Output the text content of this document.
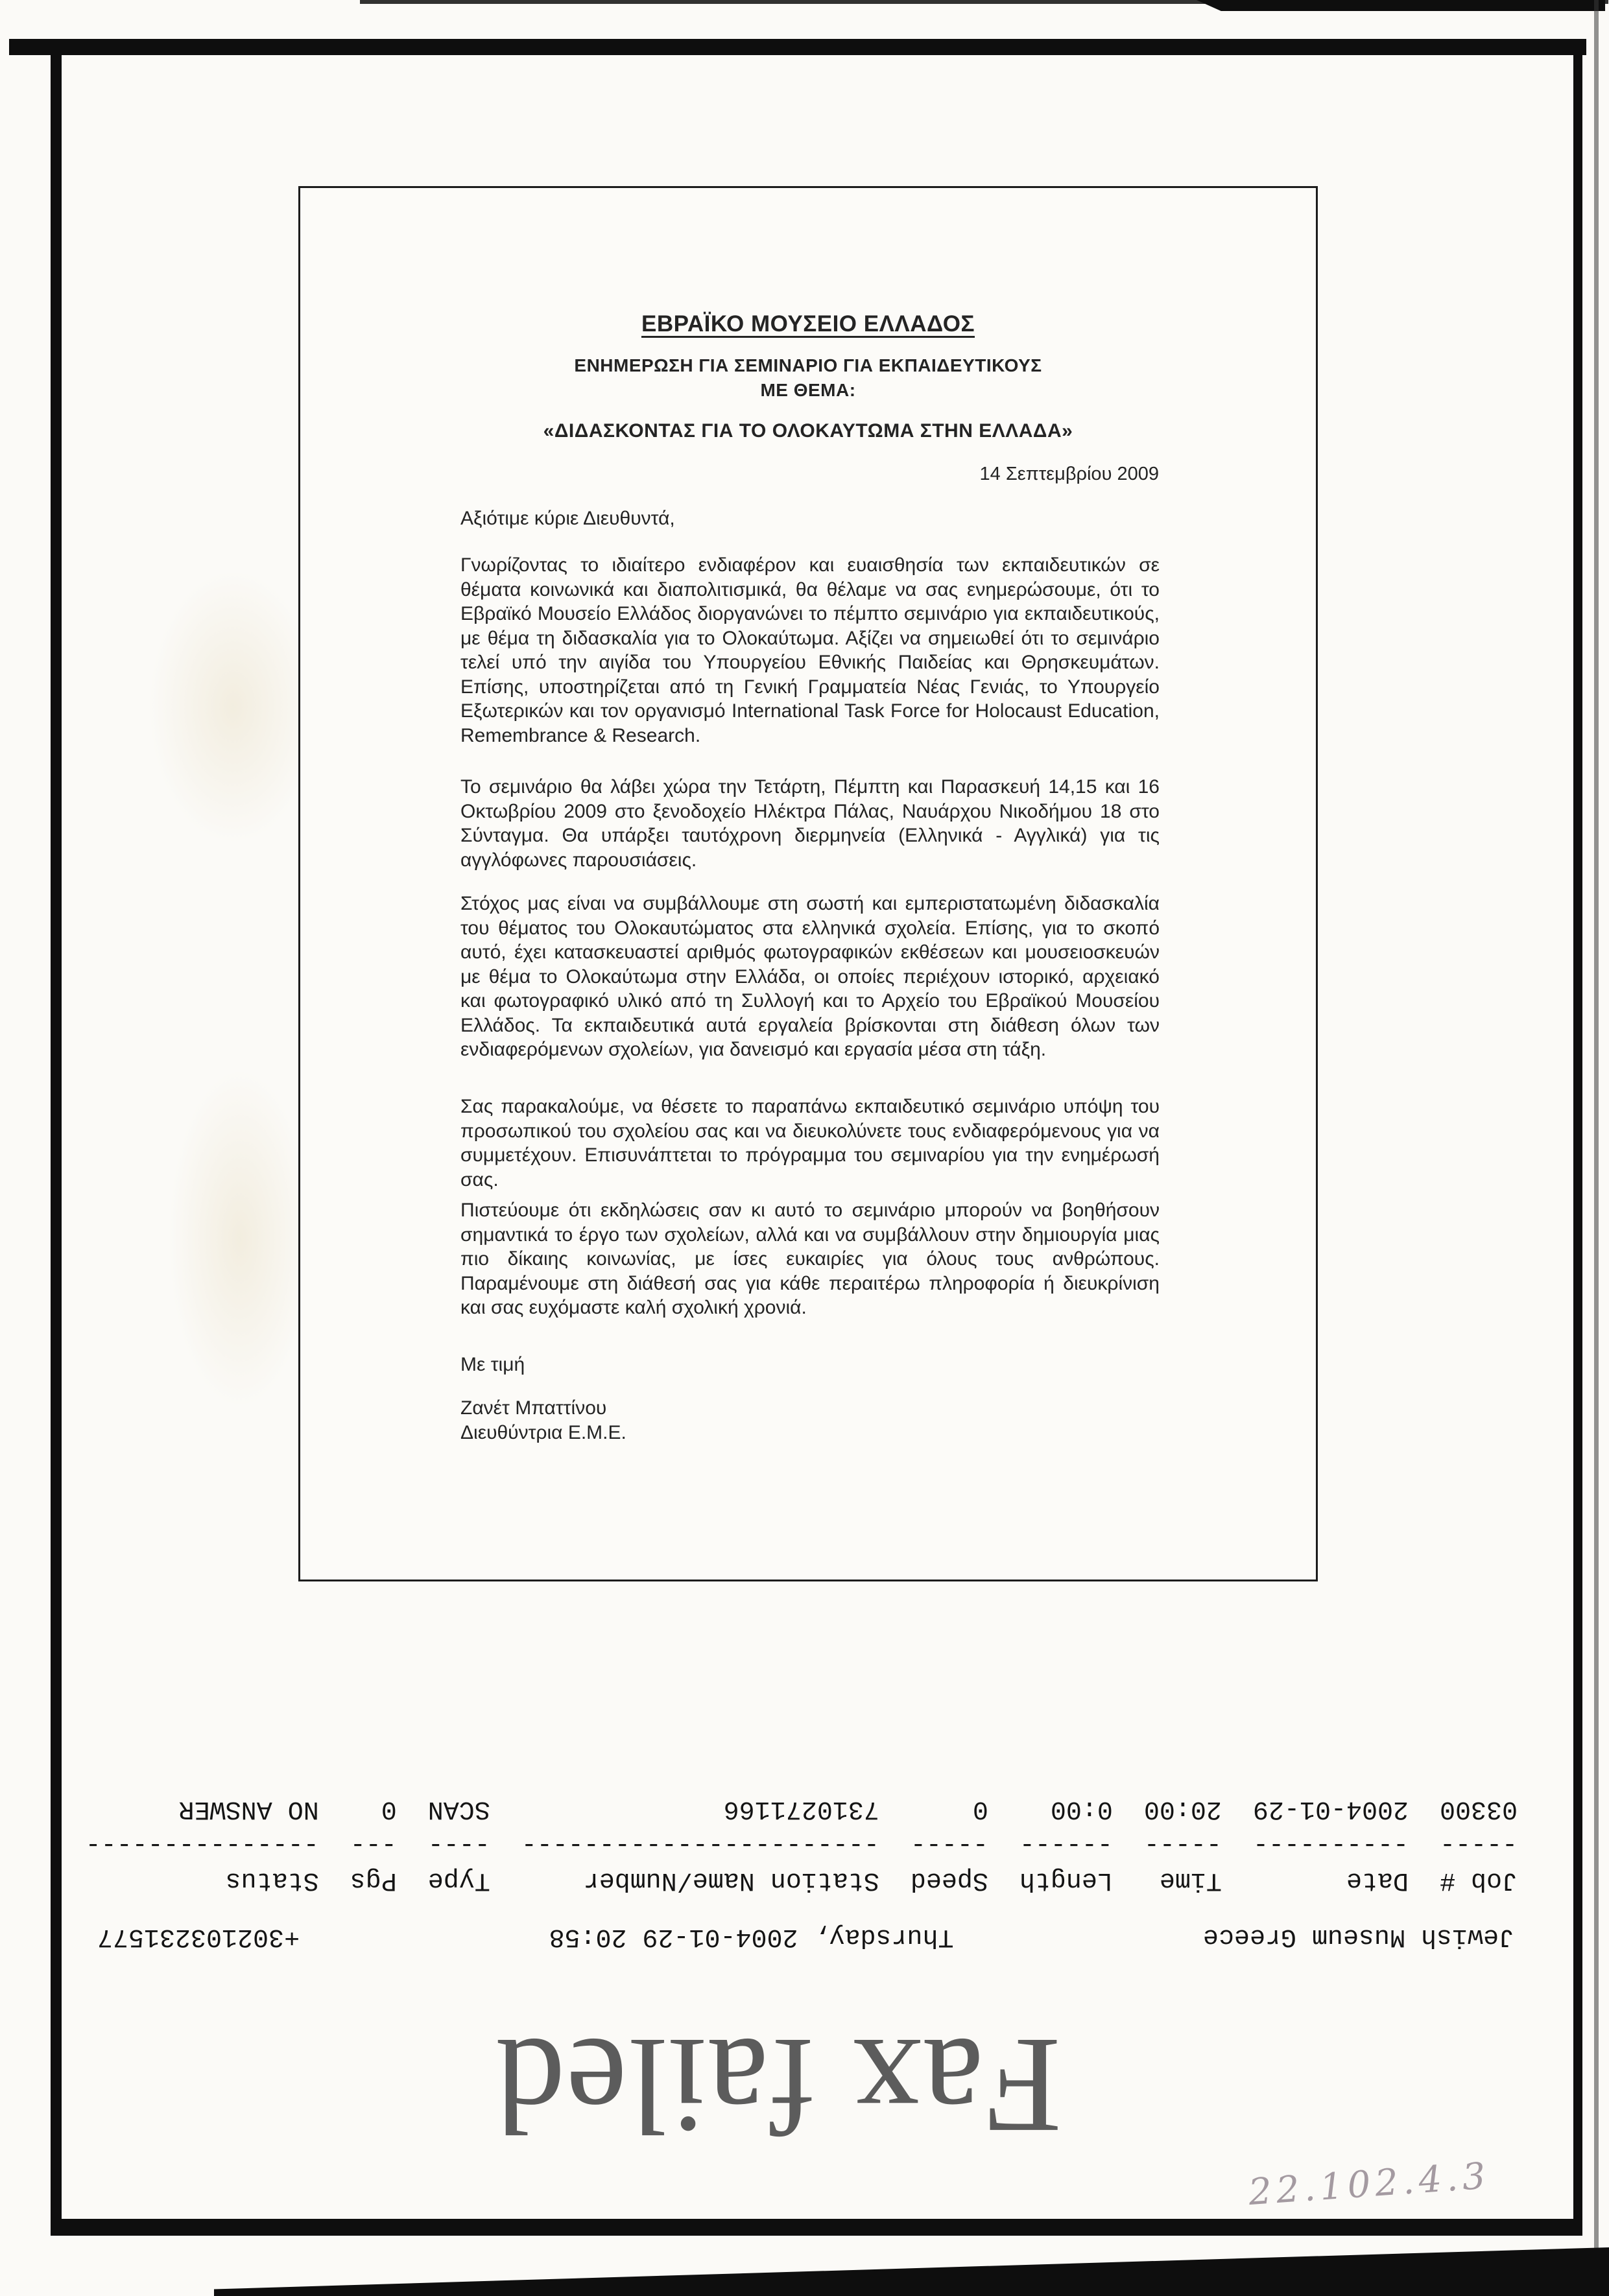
ΕΒΡΑΪΚΟ ΜΟΥΣΕΙΟ ΕΛΛΑΔΟΣ
ΕΝΗΜΕΡΩΣΗ ΓΙΑ ΣΕΜΙΝΑΡΙΟ ΓΙΑ ΕΚΠΑΙΔΕΥΤΙΚΟΥΣ
ΜΕ ΘΕΜΑ:
«ΔΙΔΑΣΚΟΝΤΑΣ ΓΙΑ ΤΟ ΟΛΟΚΑΥΤΩΜΑ ΣΤΗΝ ΕΛΛΑΔΑ»
14 Σεπτεμβρίου 2009
Αξιότιμε κύριε Διευθυντά,

Γνωρίζοντας το ιδιαίτερο ενδιαφέρον και ευαισθησία των εκπαιδευτικών σε θέματα κοινωνικά και διαπολιτισμικά, θα θέλαμε να σας ενημερώσουμε, ότι το Εβραϊκό Μουσείο Ελλάδος διοργανώνει το πέμπτο σεμινάριο για εκπαιδευτικούς, με θέμα τη διδασκαλία για το Ολοκαύτωμα. Αξίζει να σημειωθεί ότι το σεμινάριο τελεί υπό την αιγίδα του Υπουργείου Εθνικής Παιδείας και Θρησκευμάτων. Επίσης, υποστηρίζεται από τη Γενική Γραμματεία Νέας Γενιάς, το Υπουργείο Εξωτερικών και τον οργανισμό International Task Force for Holocaust Education, Remembrance & Research.

Το σεμινάριο θα λάβει χώρα την Τετάρτη, Πέμπτη και Παρασκευή 14,15 και 16 Οκτωβρίου 2009 στο ξενοδοχείο Ηλέκτρα Πάλας, Ναυάρχου Νικοδήμου 18 στο Σύνταγμα. Θα υπάρξει ταυτόχρονη διερμηνεία (Ελληνικά - Αγγλικά) για τις αγγλόφωνες παρουσιάσεις.

Στόχος μας είναι να συμβάλλουμε στη σωστή και εμπεριστατωμένη διδασκαλία του θέματος του Ολοκαυτώματος στα ελληνικά σχολεία. Επίσης, για το σκοπό αυτό, έχει κατασκευαστεί αριθμός φωτογραφικών εκθέσεων και μουσειοσκευών με θέμα το Ολοκαύτωμα στην Ελλάδα, οι οποίες περιέχουν ιστορικό, αρχειακό και φωτογραφικό υλικό από τη Συλλογή και το Αρχείο του Εβραϊκού Μουσείου Ελλάδος. Τα εκπαιδευτικά αυτά εργαλεία βρίσκονται στη διάθεση όλων των ενδιαφερόμενων σχολείων, για δανεισμό και εργασία μέσα στη τάξη.

Σας παρακαλούμε, να θέσετε το παραπάνω εκπαιδευτικό σεμινάριο υπόψη του προσωπικού του σχολείου σας και να διευκολύνετε τους ενδιαφερόμενους για να συμμετέχουν. Επισυνάπτεται το πρόγραμμα του σεμιναρίου για την ενημέρωσή σας.

Πιστεύουμε ότι εκδηλώσεις σαν κι αυτό το σεμινάριο μπορούν να βοηθήσουν σημαντικά το έργο των σχολείων, αλλά και να συμβάλλουν στην δημιουργία μιας πιο δίκαιης κοινωνίας, με ίσες ευκαιρίες για όλους τους ανθρώπους. Παραμένουμε στη διάθεσή σας για κάθε περαιτέρω πληροφορία ή διευκρίνιση και σας ευχόμαστε καλή σχολική χρονιά.

Με τιμή
Ζανέτ Μπαττίνου
Διευθύντρια Ε.Μ.Ε.
Job #  Date        Time   Length  Speed  Station Name/Number      Type  Pgs  Status
-----  ----------  -----  ------  -----  -----------------------  ----  ---  ---------------
03300  2004-01-29  20:00  0:00    0      7310271166               SCAN  0    NO ANSWER
Jewish Museum Greece
Thursday, 2004-01-29 20:58
+302103231577
Fax failed
22.102.4.3
